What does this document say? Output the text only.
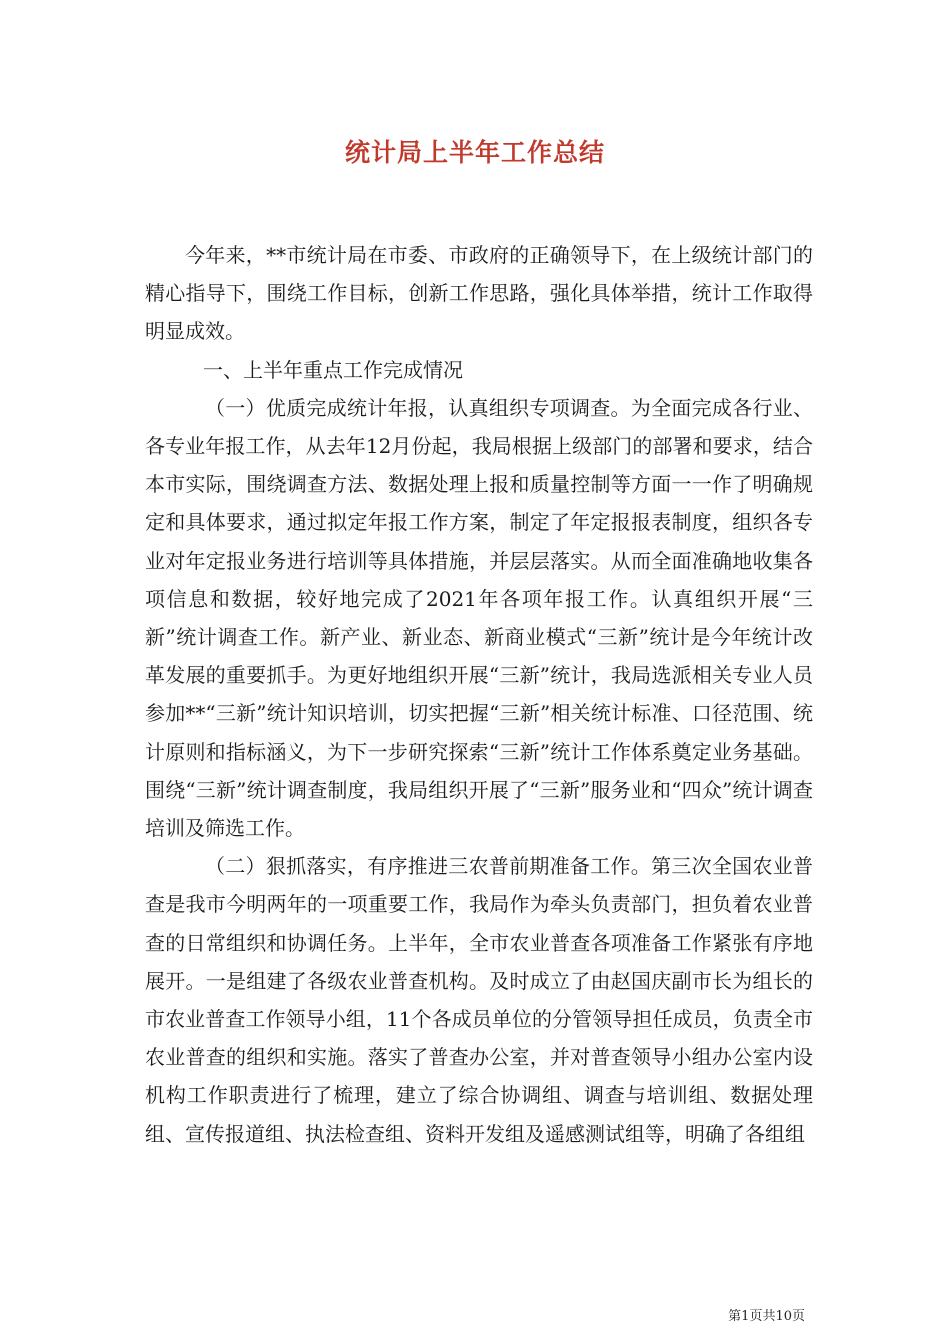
统计局上半年工作总结

今年来，**市统计局在市委、市政府的正确领导下，在上级统计部门的精心指导下，围绕工作目标，创新工作思路，强化具体举措，统计工作取得明显成效。

一、上半年重点工作完成情况

（一）优质完成统计年报，认真组织专项调查。为全面完成各行业、各专业年报工作，从去年12月份起，我局根据上级部门的部署和要求，结合本市实际，围绕调查方法、数据处理上报和质量控制等方面一一作了明确规定和具体要求，通过拟定年报工作方案，制定了年定报报表制度，组织各专业对年定报业务进行培训等具体措施，并层层落实。从而全面准确地收集各项信息和数据，较好地完成了2021年各项年报工作。认真组织开展“三新”统计调查工作。新产业、新业态、新商业模式“三新”统计是今年统计改革发展的重要抓手。为更好地组织开展“三新”统计，我局选派相关专业人员参加**“三新”统计知识培训，切实把握“三新”相关统计标准、口径范围、统计原则和指标涵义，为下一步研究探索“三新”统计工作体系奠定业务基础。围绕“三新”统计调查制度，我局组织开展了“三新”服务业和“四众”统计调查培训及筛选工作。

（二）狠抓落实，有序推进三农普前期准备工作。第三次全国农业普查是我市今明两年的一项重要工作，我局作为牵头负责部门，担负着农业普查的日常组织和协调任务。上半年，全市农业普查各项准备工作紧张有序地展开。一是组建了各级农业普查机构。及时成立了由赵国庆副市长为组长的市农业普查工作领导小组，11个各成员单位的分管领导担任成员，负责全市农业普查的组织和实施。落实了普查办公室，并对普查领导小组办公室内设机构工作职责进行了梳理，建立了综合协调组、调查与培训组、数据处理组、宣传报道组、执法检查组、资料开发组及遥感测试组等，明确了各组组

第1页共10页
